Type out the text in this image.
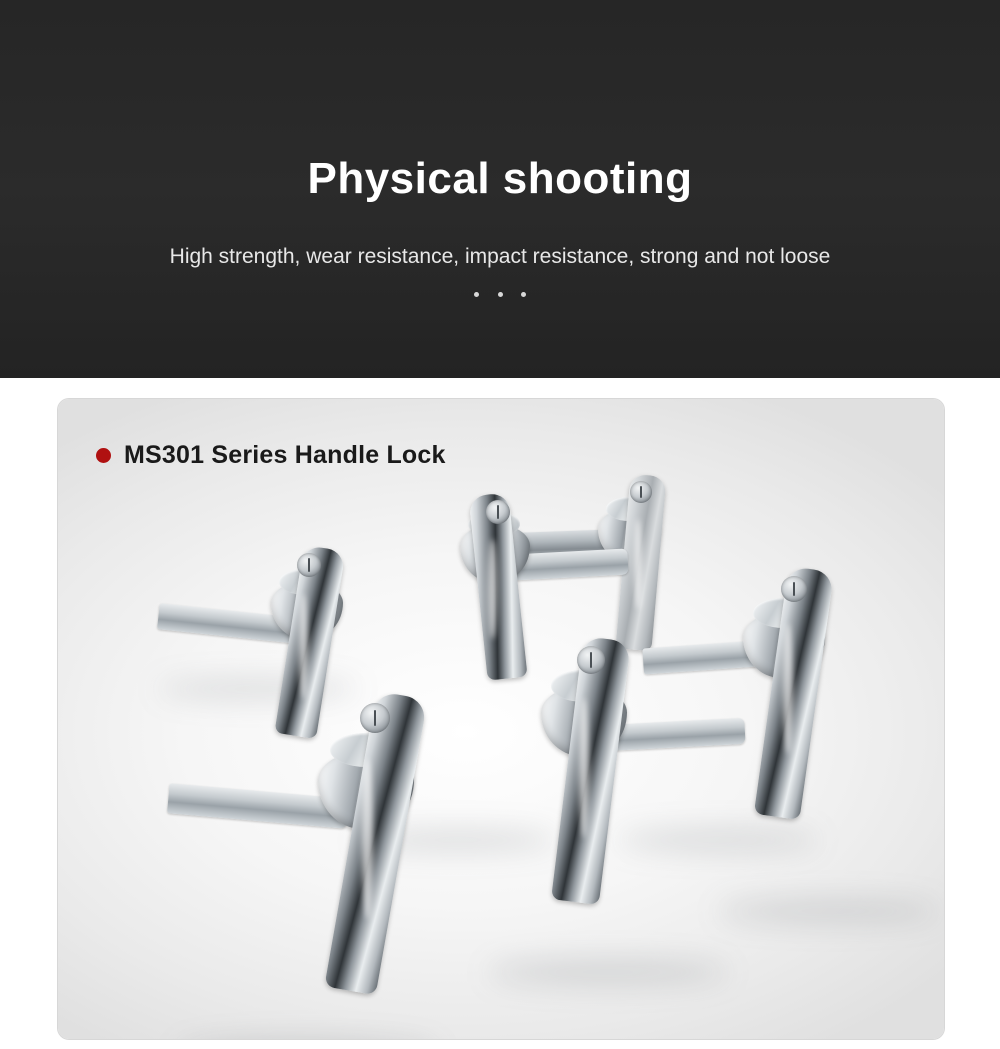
Physical shooting
High strength, wear resistance, impact resistance, strong and not loose

MS301 Series Handle Lock
